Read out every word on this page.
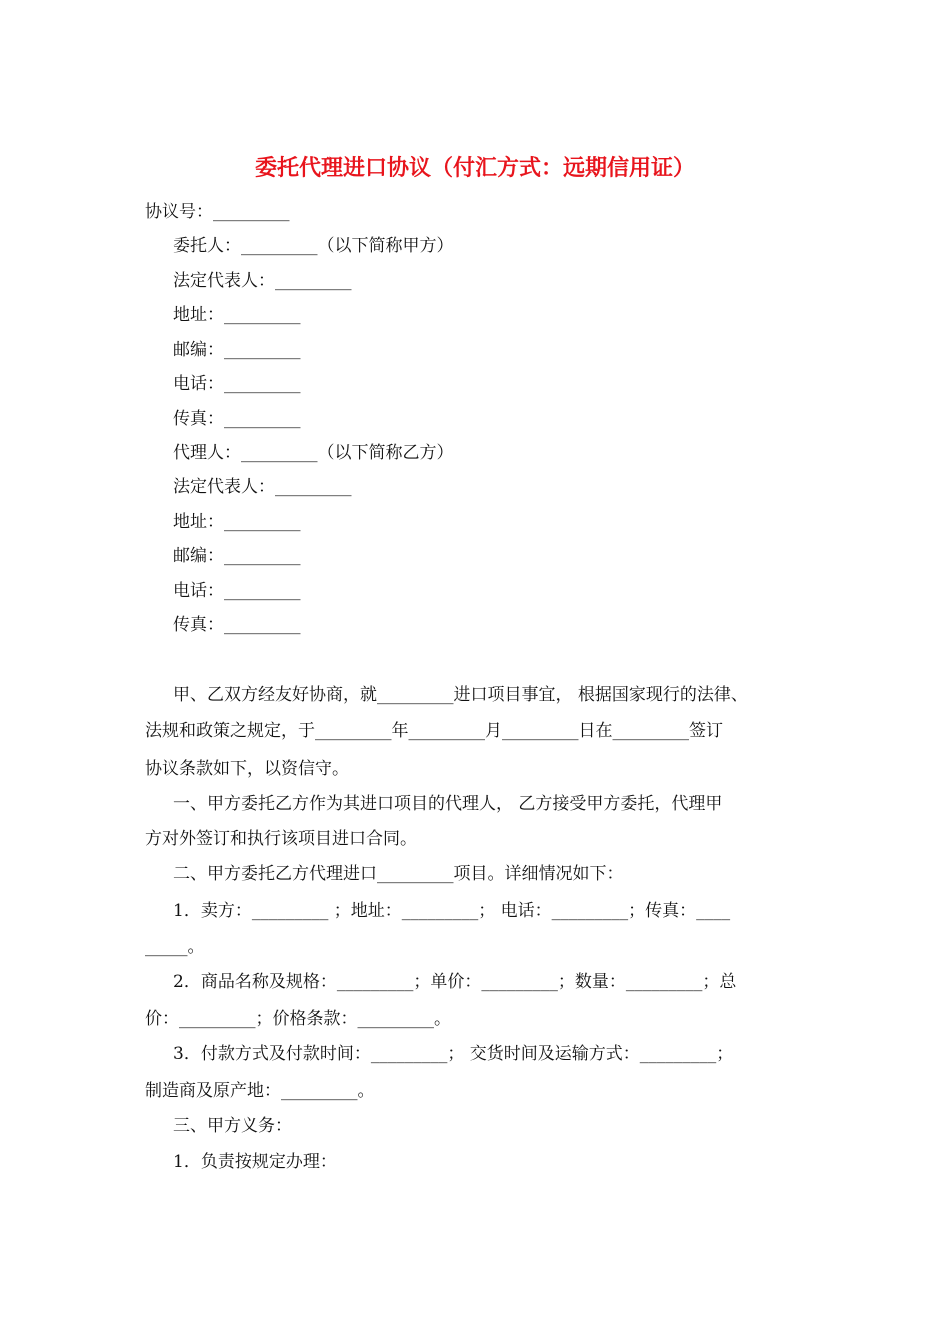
委托代理进口协议（付汇方式：远期信用证）
协议号：_________
委托人：_________（以下简称甲方）
法定代表人：_________
地址：_________
邮编：_________
电话：_________
传真：_________
代理人：_________（以下简称乙方）
法定代表人：_________
地址：_________
邮编：_________
电话：_________
传真：_________
甲、乙双方经友好协商，就_________进口项目事宜， 根据国家现行的法律、
法规和政策之规定，于_________年_________月_________日在_________签订
协议条款如下，以资信守。
一、甲方委托乙方作为其进口项目的代理人， 乙方接受甲方委托，代理甲
方对外签订和执行该项目进口合同。
二、甲方委托乙方代理进口_________项目。详细情况如下：
1．卖方：_________ ；地址：_________； 电话：_________；传真：____
_____。
2．商品名称及规格：_________；单价：_________；数量：_________；总
价：_________；价格条款：_________。
3．付款方式及付款时间：_________； 交货时间及运输方式：_________；
制造商及原产地：_________。
三、甲方义务：
1．负责按规定办理：
